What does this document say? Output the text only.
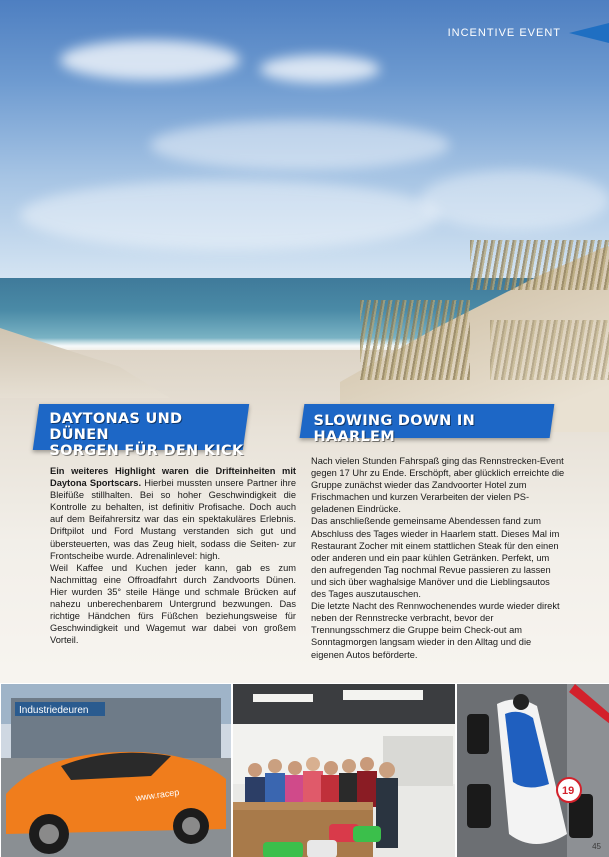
INCENTIVE EVENT
DAYTONAS UND DÜNEN
SORGEN FÜR DEN KICK
SLOWING DOWN IN HAARLEM

Ein weiteres Highlight waren die Drifteinheiten mit Daytona Sportscars. Hierbei mussten unsere Partner ihre Bleifüße stillhalten. Bei so hoher Geschwindigkeit die Kontrolle zu behalten, ist definitiv Profisache. Doch auch auf dem Beifahrersitz war das ein spektakuläres Erlebnis. Driftpilot und Ford Mustang verstanden sich gut und übersteuerten, was das Zeug hielt, sodass die Seiten- zur Frontscheibe wurde. Adrenalinlevel: high.

Weil Kaffee und Kuchen jeder kann, gab es zum Nachmittag eine Offroadfahrt durch Zandvoorts Dünen. Hier wurden 35° steile Hänge und schmale Brücken auf nahezu unberechenbarem Untergrund bezwungen. Das richtige Händchen fürs Füßchen beziehungsweise für Geschwindigkeit und Wagemut war dabei von großem Vorteil.

Nach vielen Stunden Fahrspaß ging das Rennstrecken-Event gegen 17 Uhr zu Ende. Erschöpft, aber glücklich erreichte die Gruppe zunächst wieder das Zandvoorter Hotel zum Frischmachen und kurzen Verarbeiten der vielen PS-geladenen Eindrücke.

Das anschließende gemeinsame Abendessen fand zum Abschluss des Tages wieder in Haarlem statt. Dieses Mal im Restaurant Zocher mit einem stattlichen Steak für den einen oder anderen und ein paar kühlen Getränken. Perfekt, um den aufregenden Tag nochmal Revue passieren zu lassen und sich über waghalsige Manöver und die Lieblingsautos des Tages auszutauschen.

Die letzte Nacht des Rennwochenendes wurde wieder direkt neben der Rennstrecke verbracht, bevor der Trennungsschmerz die Gruppe beim Check-out am Sonntagmorgen langsam wieder in den Alltag und die eigenen Autos beförderte.

Industriedeuren
www.racep	19
45
